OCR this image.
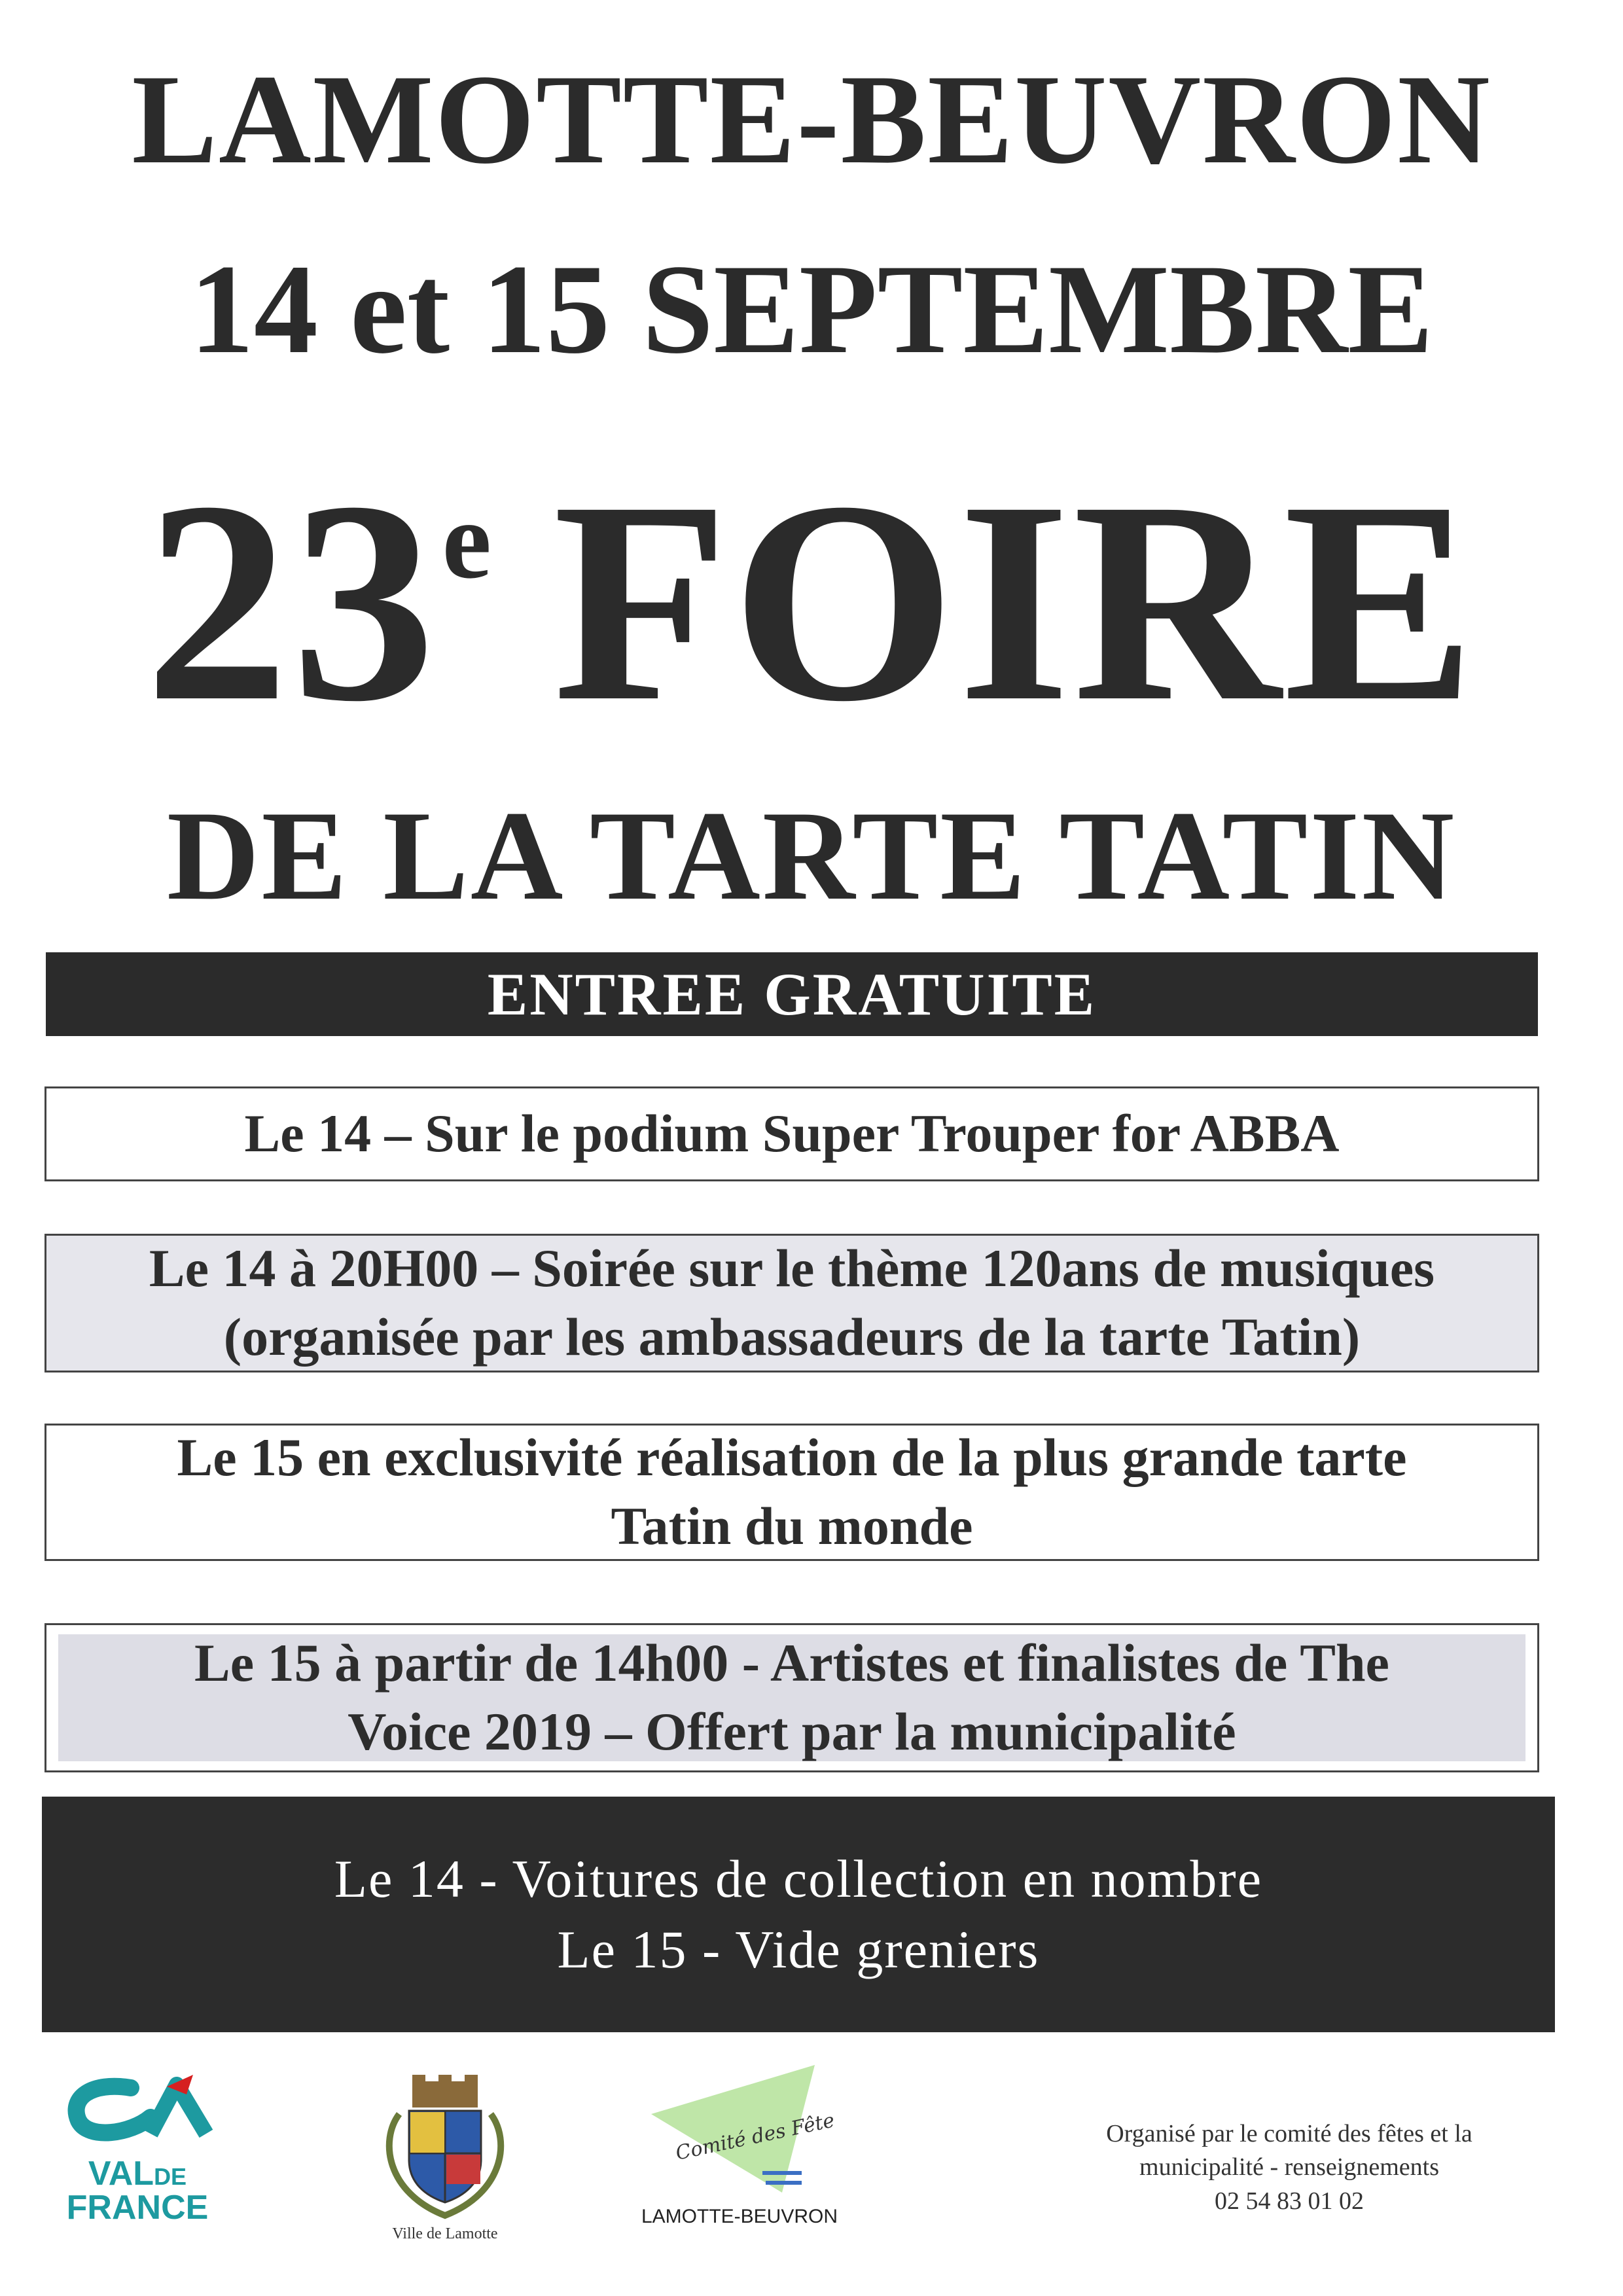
LAMOTTE-BEUVRON
14 et 15 SEPTEMBRE
23e FOIRE
DE LA TARTE TATIN
ENTREE GRATUITE
Le 14 – Sur le podium Super Trouper for ABBA
Le 14 à 20H00 – Soirée sur le thème 120ans de musiques
(organisée par les ambassadeurs de la tarte Tatin)
Le 15 en exclusivité réalisation de la plus grande tarte
Tatin du monde
Le 15 à partir de 14h00 - Artistes et finalistes de The
Voice 2019 – Offert par la municipalité
Le 14 - Voitures de collection en nombre
Le 15 - Vide greniers
VALDE
FRANCE
Ville de Lamotte
Comité des Fêtes
LAMOTTE-BEUVRON
Organisé par le comité des fêtes et la
municipalité - renseignements
02 54 83 01 02
